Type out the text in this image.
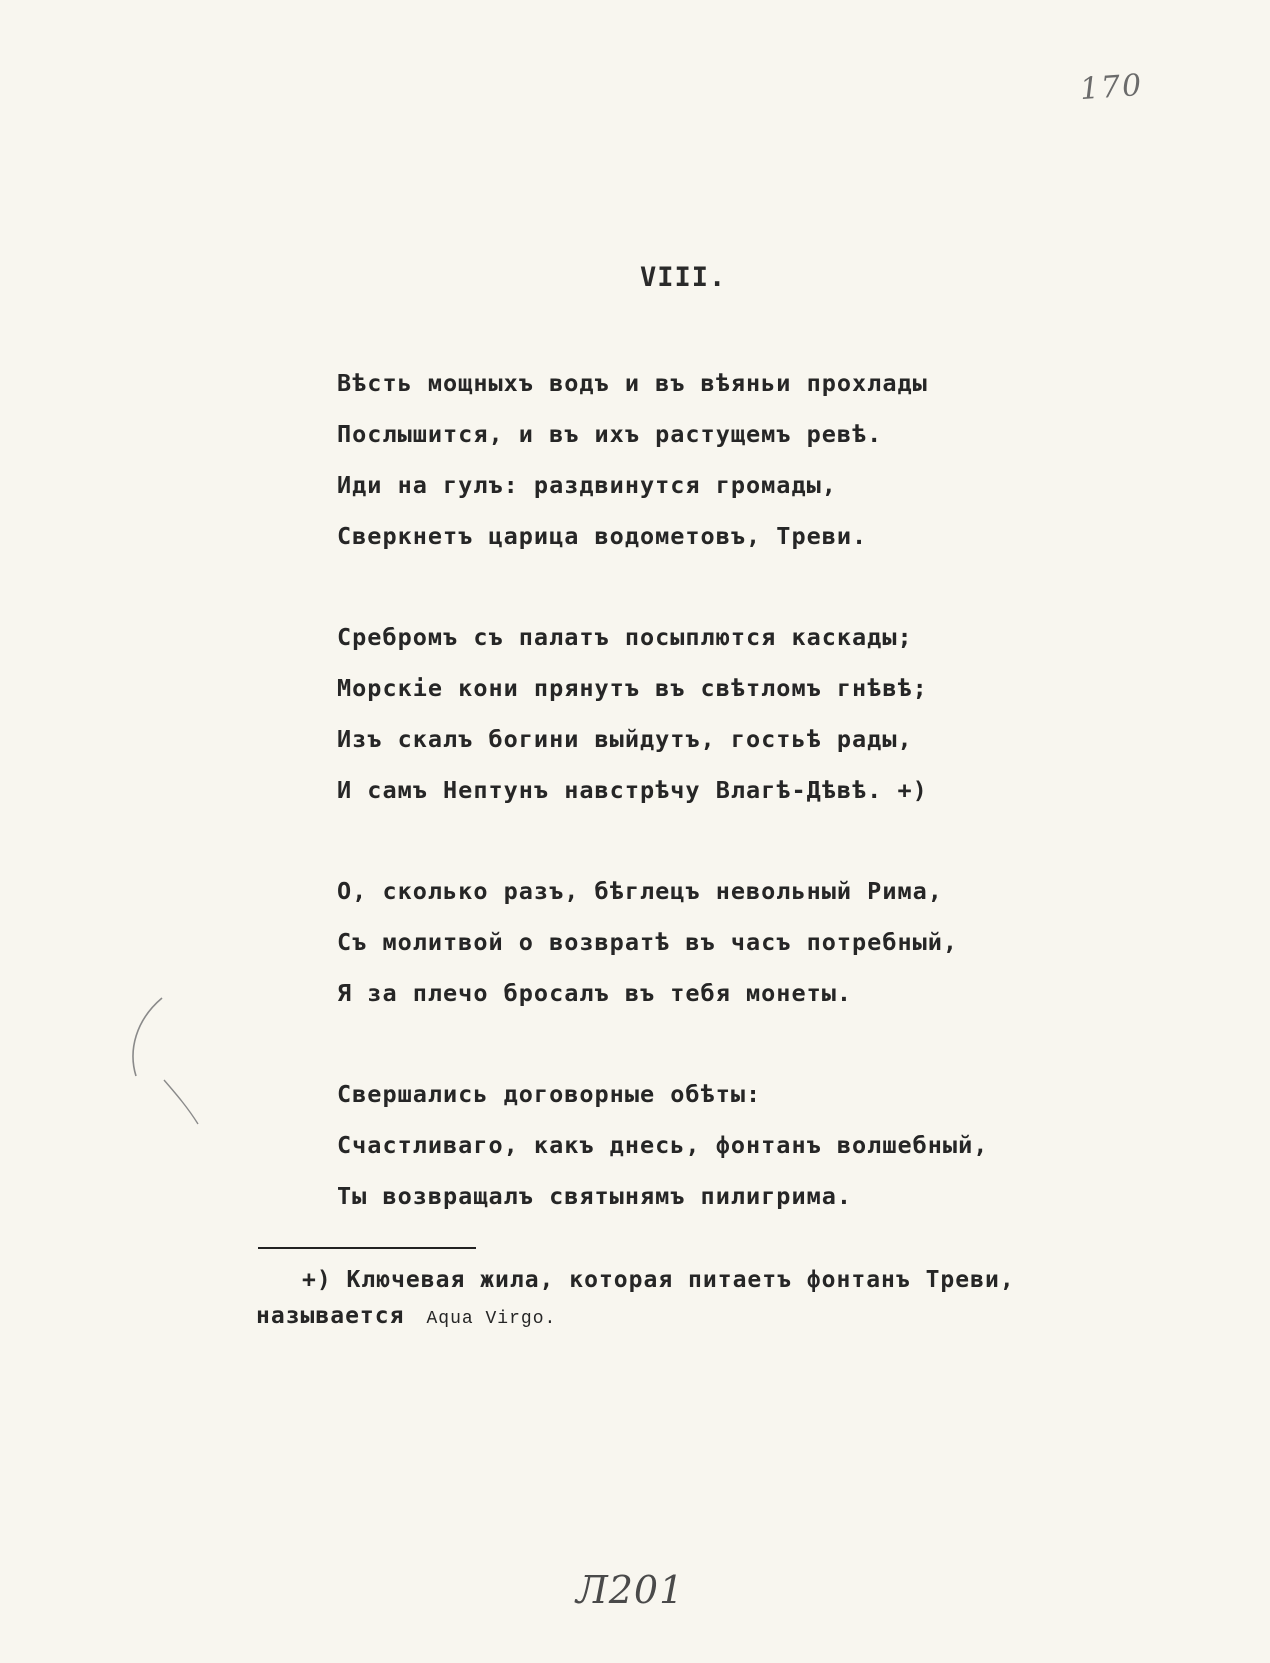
170
VIII.
Вѣсть мощныхъ водъ и въ вѣяньи прохлады
Послышится, и въ ихъ растущемъ ревѣ.
Иди на гулъ: раздвинутся громады,
Сверкнетъ царица водометовъ, Треви.
Сребромъ съ палатъ посыплются каскады;
Морскіе кони прянутъ въ свѣтломъ гнѣвѣ;
Изъ скалъ богини выйдутъ, гостьѣ рады,
И самъ Нептунъ навстрѣчу Влагѣ-Дѣвѣ. +)
О, сколько разъ, бѣглецъ невольный Рима,
Съ молитвой о возвратѣ въ часъ потребный,
Я за плечо бросалъ въ тебя монеты.
Свершались договорные обѣты:
Счастливаго, какъ днесь, фонтанъ волшебный,
Ты возвращалъ святынямъ пилигрима.
+) Ключевая жила, которая питаетъ фонтанъ Треви,
называется Aqua Virgo.
Л201
